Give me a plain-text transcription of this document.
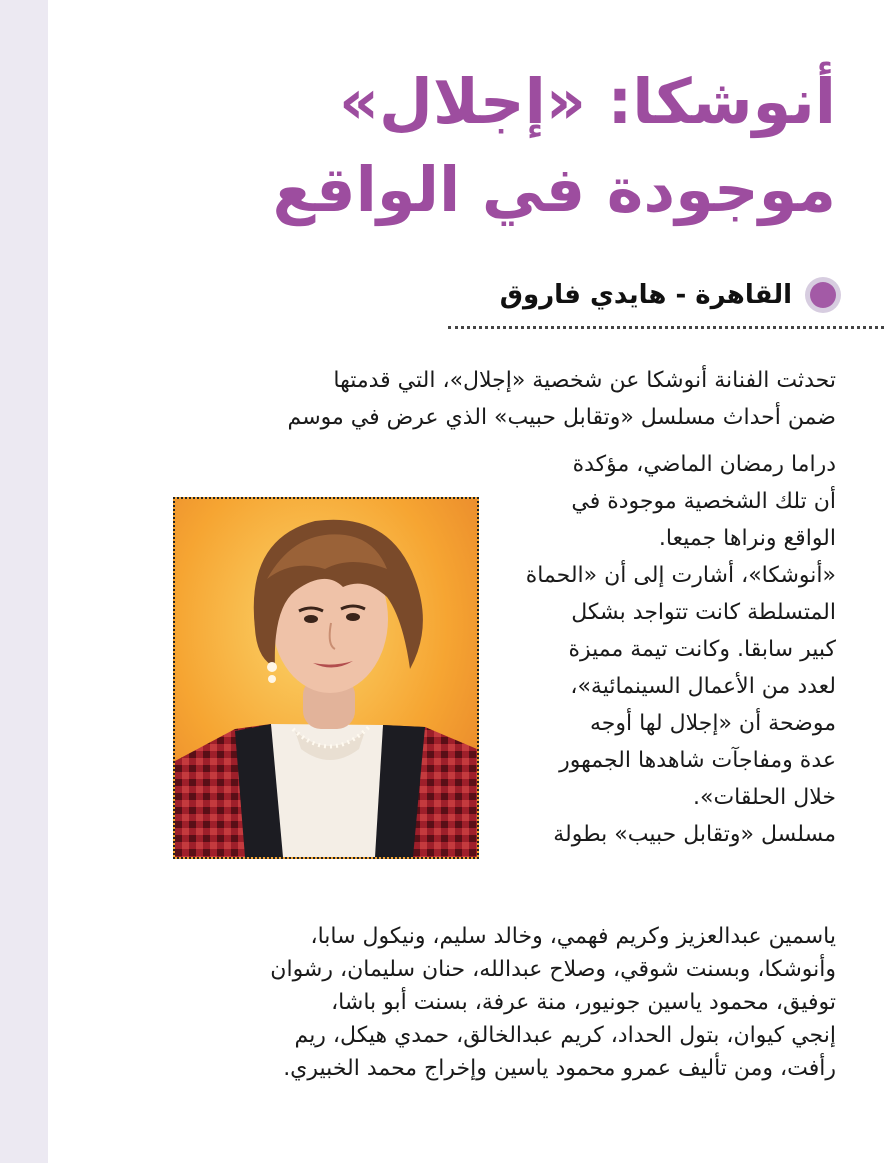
أنوشكا: «إجلال»
موجودة في الواقع
القاهرة - هايدي فاروق
تحدثت الفنانة أنوشكا عن شخصية «إجلال»، التي قدمتها
ضمن أحداث مسلسل «وتقابل حبيب» الذي عرض في موسم
دراما رمضان الماضي، مؤكدة
أن تلك الشخصية موجودة في
الواقع ونراها جميعا.
«أنوشكا»، أشارت إلى أن «الحماة
المتسلطة كانت تتواجد بشكل
كبير سابقا. وكانت تيمة مميزة
لعدد من الأعمال السينمائية»،
موضحة أن «إجلال لها أوجه
عدة ومفاجآت شاهدها الجمهور
خلال الحلقات».
مسلسل «وتقابل حبيب» بطولة
ياسمين عبدالعزيز وكريم فهمي، وخالد سليم، ونيكول سابا،
وأنوشكا، وبسنت شوقي، وصلاح عبدالله، حنان سليمان، رشوان
توفيق، محمود ياسين جونيور، منة عرفة، بسنت أبو باشا،
إنجي كيوان، بتول الحداد، كريم عبدالخالق، حمدي هيكل، ريم
رأفت، ومن تأليف عمرو محمود ياسين وإخراج محمد الخبيري.
